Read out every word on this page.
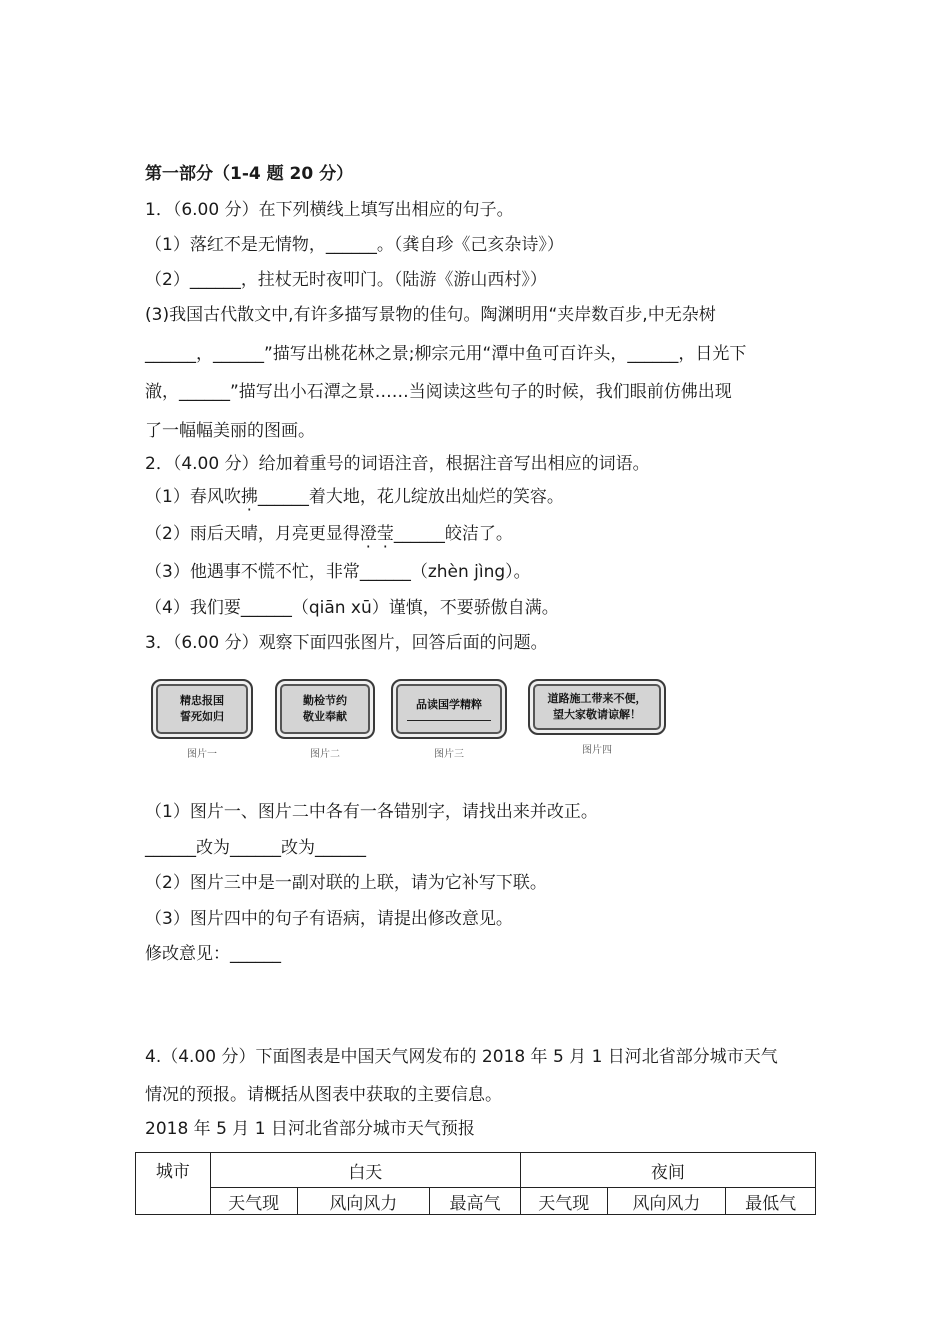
第一部分（1-4 题 20 分）
1．（6.00 分）在下列横线上填写出相应的句子。
（1）落红不是无情物，______。（龚自珍《己亥杂诗》）
（2）______，拄杖无时夜叩门。（陆游《游山西村》）
(3)我国古代散文中,有许多描写景物的佳句。陶渊明用“夹岸数百步,中无杂树
______，______”描写出桃花林之景;柳宗元用“潭中鱼可百许头，______，日光下
澈，______”描写出小石潭之景……当阅读这些句子的时候，我们眼前仿佛出现
了一幅幅美丽的图画。
2．（4.00 分）给加着重号的词语注音，根据注音写出相应的词语。
（1）春风吹拂______着大地，花儿绽放出灿烂的笑容。
（2）雨后天晴，月亮更显得澄莹______皎洁了。
（3）他遇事不慌不忙，非常______（zhèn jìng）。
（4）我们要______（qiān xū）谨慎，不要骄傲自满。
3．（6.00 分）观察下面四张图片，回答后面的问题。
精忠报国
誓死如归
图片一
勤检节约
敬业奉献
图片二
品读国学精粹
图片三
道路施工带来不便，
望大家敬请谅解！
图片四
（1）图片一、图片二中各有一各错别字，请找出来并改正。
______改为______改为______
（2）图片三中是一副对联的上联，请为它补写下联。
（3）图片四中的句子有语病，请提出修改意见。
修改意见：______
4.（4.00 分）下面图表是中国天气网发布的 2018 年 5 月 1 日河北省部分城市天气
情况的预报。请概括从图表中获取的主要信息。
2018 年 5 月 1 日河北省部分城市天气预报
城市	白天			夜间		
	天气现	风向风力	最高气	天气现	风向风力	最低气
